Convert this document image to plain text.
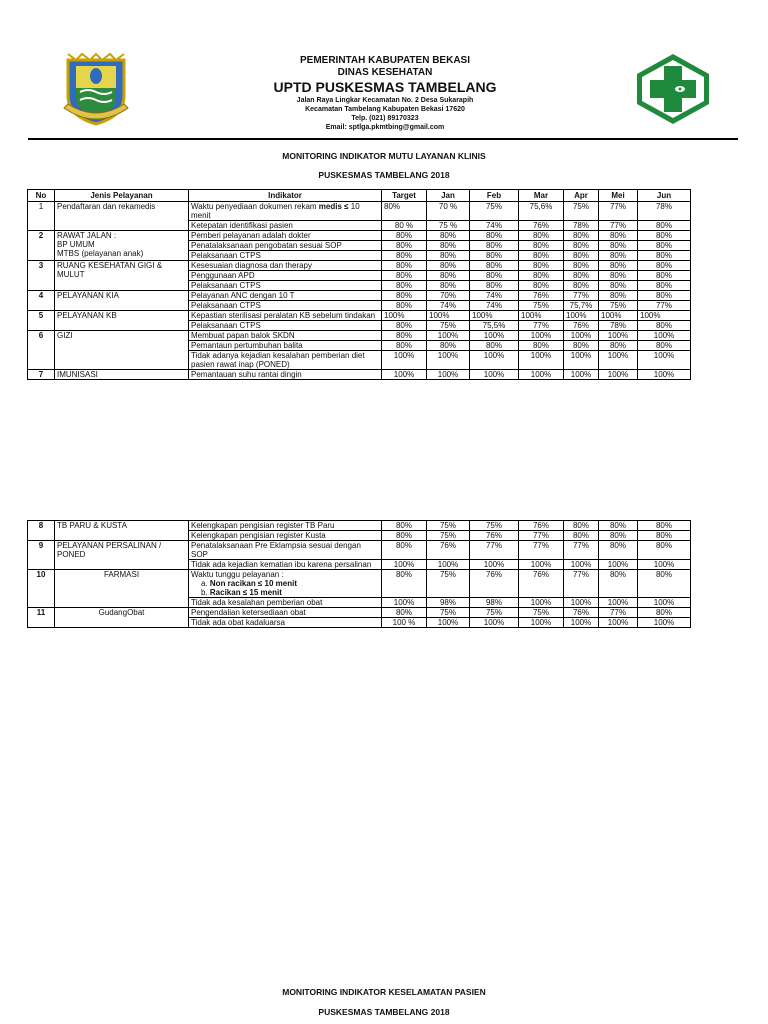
PEMERINTAH KABUPATEN BEKASI
DINAS KESEHATAN
UPTD PUSKESMAS TAMBELANG
Jalan Raya Lingkar Kecamatan No. 2 Desa Sukarapih
Kecamatan Tambelang Kabupaten Bekasi 17620
Telp. (021) 89170323
Email: sptlga.pkmtbing@gmail.com
MONITORING INDIKATOR MUTU LAYANAN KLINIS
PUSKESMAS TAMBELANG 2018
No	Jenis Pelayanan	Indikator	Target	Jan	Feb	Mar	Apr	Mei	Jun
1	Pendaftaran dan rekamedis	Waktu penyediaan dokumen rekam medis ≤ 10 menit	80%	70 %	75%	75,6%	75%	77%	78%
		Ketepatan identifikasi pasien	80 %	75 %	74%	76%	78%	77%	80%
2	RAWAT JALAN :
BP UMUM
MTBS (pelayanan anak)	Pemberi pelayanan adalah dokter	80%	80%	80%	80%	80%	80%	80%
		Penatalaksanaan pengobatan sesuai SOP	80%	80%	80%	80%	80%	80%	80%
		Pelaksanaan CTPS	80%	80%	80%	80%	80%	80%	80%
3	RUANG KESEHATAN GIGI & MULUT	Kesesuaian diagnosa dan therapy	80%	80%	80%	80%	80%	80%	80%
		Penggunaan APD	80%	80%	80%	80%	80%	80%	80%
		Pelaksanaan CTPS	80%	80%	80%	80%	80%	80%	80%
4	PELAYANAN KIA	Pelayanan ANC dengan 10 T	80%	70%	74%	76%	77%	80%	80%
		Pelaksanaan CTPS	80%	74%	74%	75%	75,7%	75%	77%
5	PELAYANAN KB	Kepastian sterilisasi peralatan KB sebelum tindakan	100%	100%	100%	100%	100%	100%	100%
		Pelaksanaan CTPS	80%	75%	75,5%	77%	76%	78%	80%
6	GIZI	Membuat papan balok SKDN	80%	100%	100%	100%	100%	100%	100%
		Pemantaun pertumbuhan balita	80%	80%	80%	80%	80%	80%	80%
		Tidak adanya kejadian kesalahan pemberian diet pasien rawat inap (PONED)	100%	100%	100%	100%	100%	100%	100%
7	IMUNISASI	Pemantauan suhu rantai dingin	100%	100%	100%	100%	100%	100%	100%
8	TB PARU & KUSTA	Kelengkapan pengisian register TB Paru	80%	75%	75%	76%	80%	80%	80%
		Kelengkapan pengisian register Kusta	80%	75%	76%	77%	80%	80%	80%
9	PELAYANAN PERSALINAN / PONED	Penatalaksanaan Pre Eklampsia sesuai dengan SOP	80%	76%	77%	77%	77%	80%	80%
		Tidak ada kejadian kematian ibu karena persalinan	100%	100%	100%	100%	100%	100%	100%
10	FARMASI	Waktu tunggu pelayanan :
a. Non racikan ≤ 10 menit
b. Racikan ≤ 15 menit	80%	75%	76%	76%	77%	80%	80%
		Tidak ada kesalahan pemberian obat	100%	98%	98%	100%	100%	100%	100%
11	GudangObat	Pengendalian ketersediaan obat	80%	75%	75%	75%	76%	77%	80%
		Tidak ada obat kadaluarsa	100 %	100%	100%	100%	100%	100%	100%
MONITORING INDIKATOR KESELAMATAN PASIEN
PUSKESMAS TAMBELANG 2018
